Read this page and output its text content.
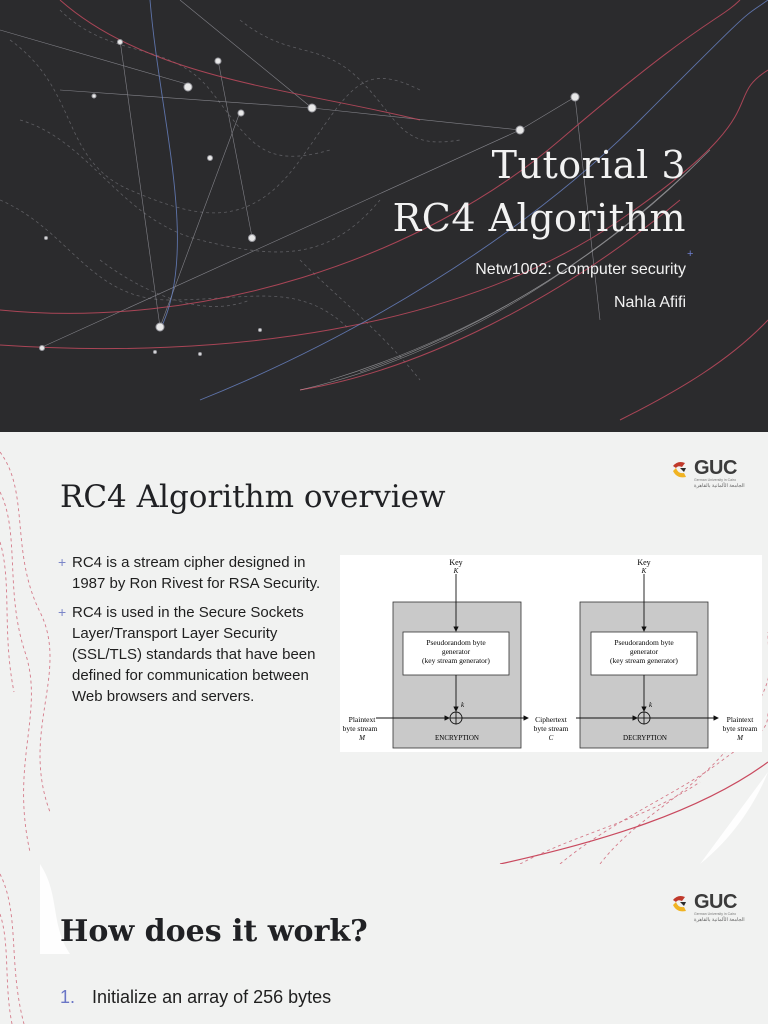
Tutorial 3
RC4 Algorithm
+
Netw1002: Computer security
Nahla Afifi
GUC
German University in Cairo
الجامعة الألمانية بالقاهرة
RC4 Algorithm overview
+ RC4 is a stream cipher designed in 1987 by Ron Rivest for RSA Security.
+ RC4 is used in the Secure Sockets Layer/Transport Layer Security (SSL/TLS) standards that have been defined for communication between Web browsers and servers.
Key
K
Key
K
Pseudorandom byte
generator
(key stream generator)
Pseudorandom byte
generator
(key stream generator)
k	k
ENCRYPTION	DECRYPTION
Plaintext
byte stream
M
Ciphertext
byte stream
C
Plaintext
byte stream
M
GUC
German University in Cairo
الجامعة الألمانية بالقاهرة
How does it work?
1. Initialize an array of 256 bytes
